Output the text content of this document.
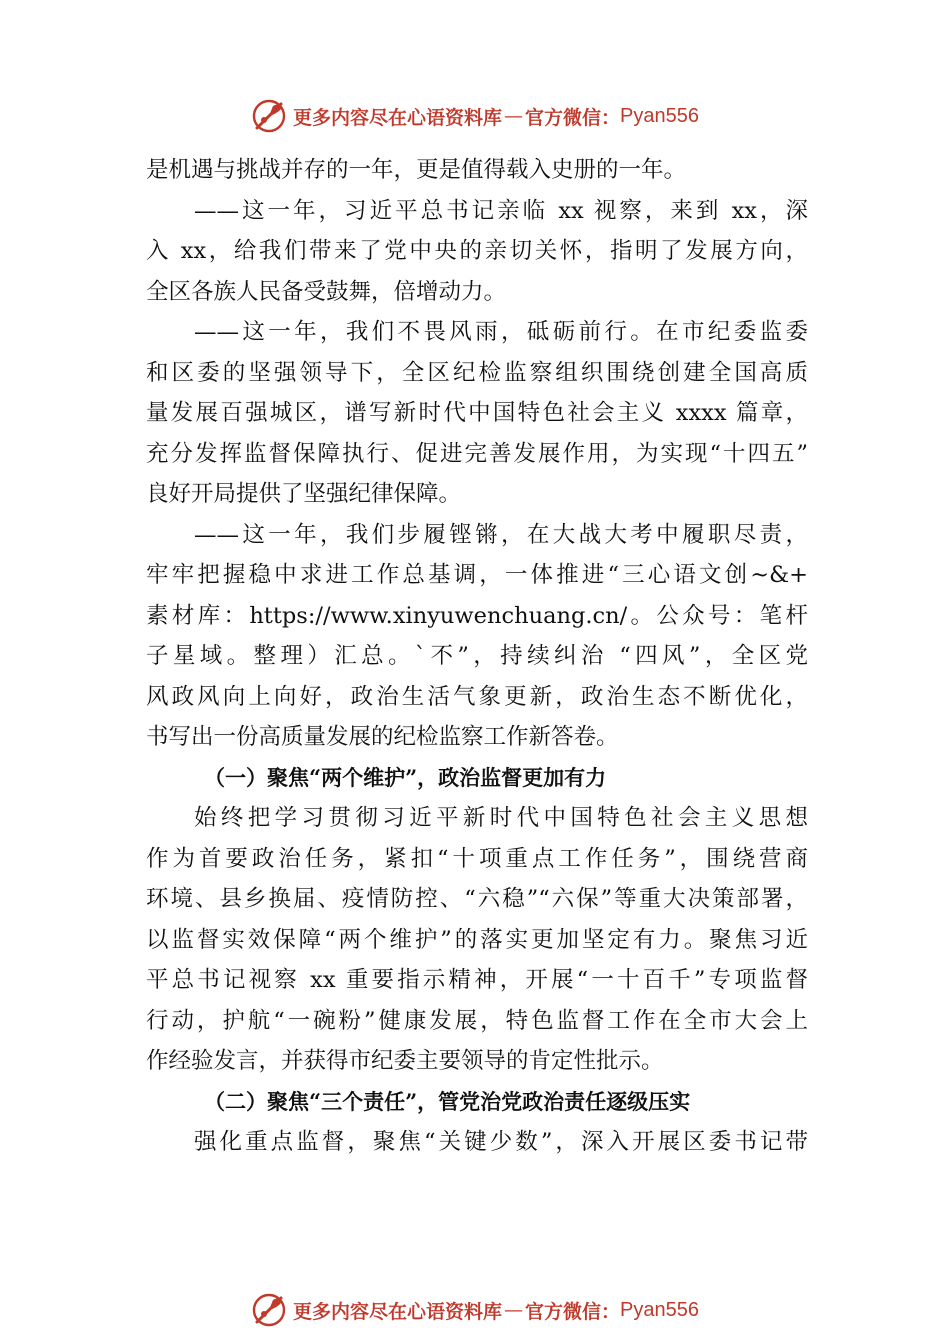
更多内容尽在心语资料库 — 官方微信： Pyan556
是机遇与挑战并存的一年，更是值得载入史册的一年。
——这一年，习近平总书记亲临 xx 视察，来到 xx，深
入 xx，给我们带来了党中央的亲切关怀，指明了发展方向，
全区各族人民备受鼓舞，倍增动力。
——这一年，我们不畏风雨，砥砺前行。在市纪委监委
和区委的坚强领导下，全区纪检监察组织围绕创建全国高质
量发展百强城区，谱写新时代中国特色社会主义 xxxx 篇章，
充分发挥监督保障执行、促进完善发展作用，为实现“十四五”
良好开局提供了坚强纪律保障。
——这一年，我们步履铿锵，在大战大考中履职尽责，
牢牢把握稳中求进工作总基调，一体推进“三心语文创~&+
素材库：https://www.xinyuwenchuang.cn/。公众号：笔杆
子星域。整理）汇总。`不”，持续纠治 “四风”，全区党
风政风向上向好，政治生活气象更新，政治生态不断优化，
书写出一份高质量发展的纪检监察工作新答卷。
（一）聚焦“两个维护”，政治监督更加有力
始终把学习贯彻习近平新时代中国特色社会主义思想
作为首要政治任务，紧扣“十项重点工作任务”，围绕营商
环境、县乡换届、疫情防控、“六稳”“六保”等重大决策部署，
以监督实效保障“两个维护”的落实更加坚定有力。聚焦习近
平总书记视察 xx 重要指示精神，开展“一十百千”专项监督
行动，护航“一碗粉”健康发展，特色监督工作在全市大会上
作经验发言，并获得市纪委主要领导的肯定性批示。
（二）聚焦“三个责任”，管党治党政治责任逐级压实
强化重点监督，聚焦“关键少数”，深入开展区委书记带
更多内容尽在心语资料库 — 官方微信： Pyan556
